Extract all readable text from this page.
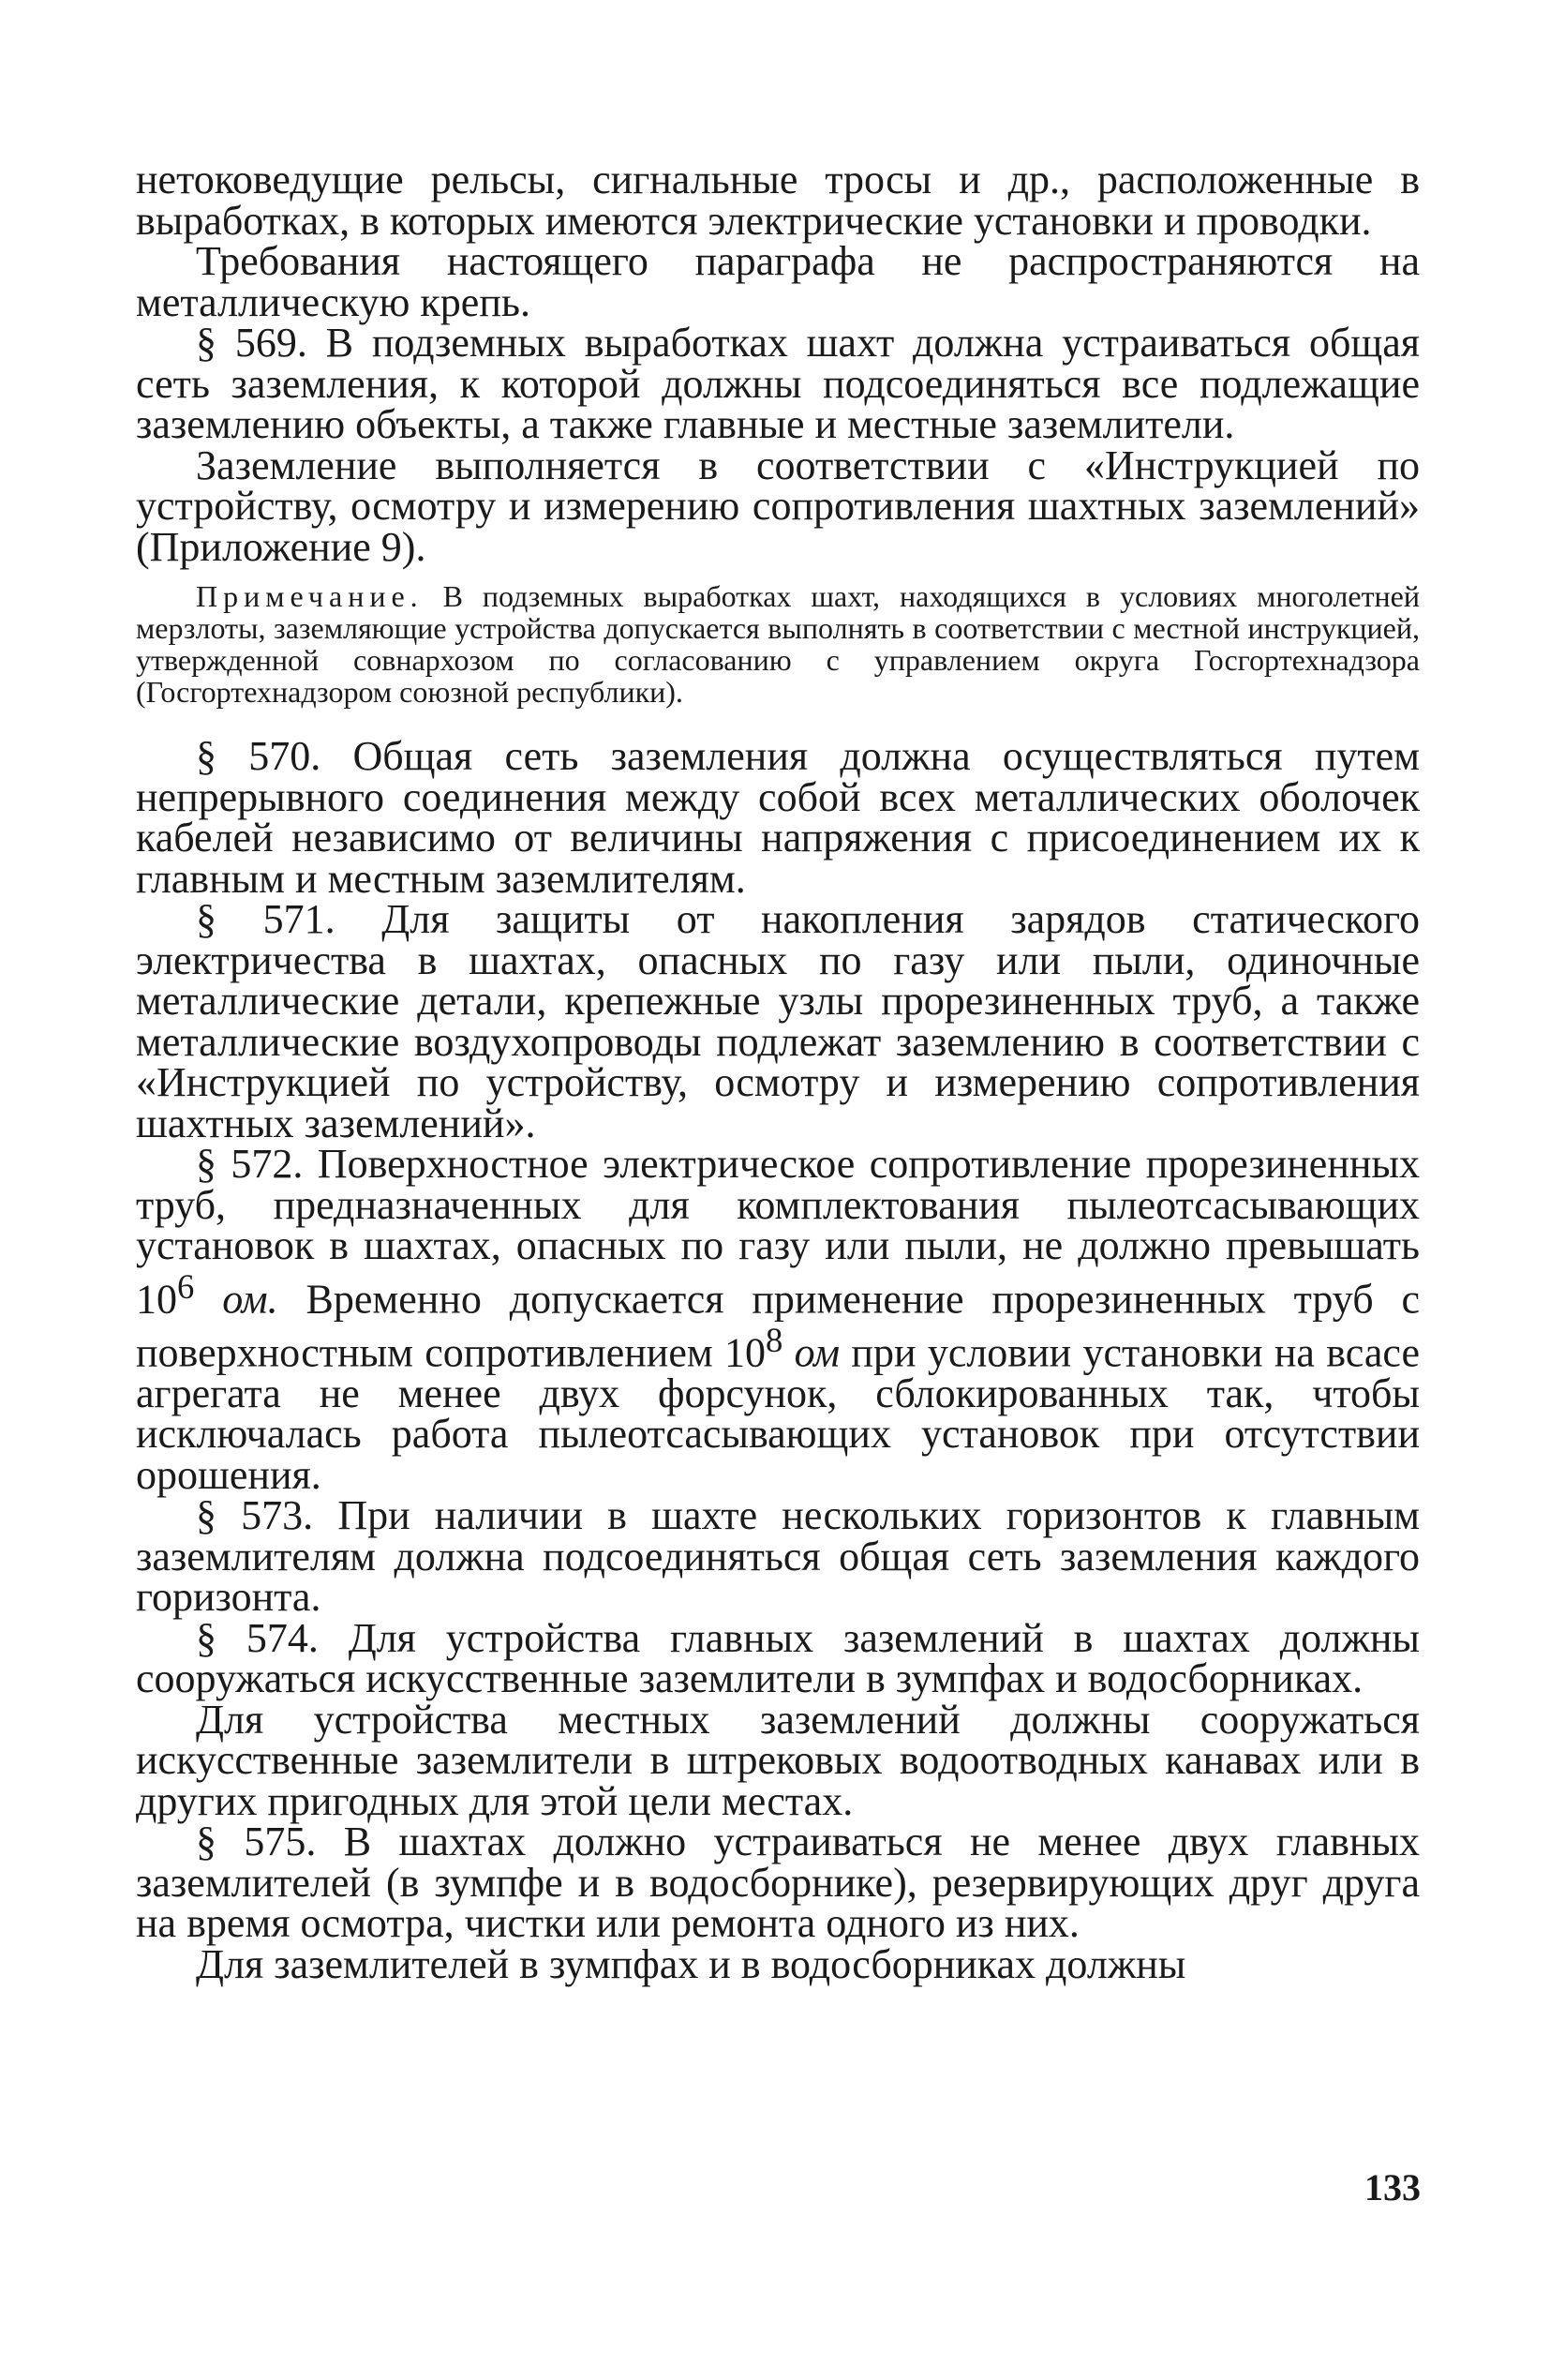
нетоковедущие рельсы, сигнальные тросы и др., расположенные в выработках, в которых имеются электрические установки и проводки.

Требования настоящего параграфа не распространяются на металлическую крепь.

§ 569. В подземных выработках шахт должна устраиваться общая сеть заземления, к которой должны подсоединяться все подлежащие заземлению объекты, а также главные и местные заземлители.

Заземление выполняется в соответствии с «Инструкцией по устройству, осмотру и измерению сопротивления шахтных заземлений» (Приложение 9).

Примечание. В подземных выработках шахт, находящихся в условиях многолетней мерзлоты, заземляющие устройства допускается выполнять в соответствии с местной инструкцией, утвержденной совнархозом по согласованию с управлением округа Госгортехнадзора (Госгортехнадзором союзной республики).

§ 570. Общая сеть заземления должна осуществляться путем непрерывного соединения между собой всех металлических оболочек кабелей независимо от величины напряжения с присоединением их к главным и местным заземлителям.

§ 571. Для защиты от накопления зарядов статического электричества в шахтах, опасных по газу или пыли, одиночные металлические детали, крепежные узлы прорезиненных труб, а также металлические воздухопроводы подлежат заземлению в соответствии с «Инструкцией по устройству, осмотру и измерению сопротивления шахтных заземлений».

§ 572. Поверхностное электрическое сопротивление прорезиненных труб, предназначенных для комплектования пылеотсасывающих установок в шахтах, опасных по газу или пыли, не должно превышать $10^6$ ом. Временно допускается применение прорезиненных труб с поверхностным сопротивлением $10^8$ ом при условии установки на всасе агрегата не менее двух форсунок, сблокированных так, чтобы исключалась работа пылеотсасывающих установок при отсутствии орошения.

§ 573. При наличии в шахте нескольких горизонтов к главным заземлителям должна подсоединяться общая сеть заземления каждого горизонта.

§ 574. Для устройства главных заземлений в шахтах должны сооружаться искусственные заземлители в зумпфах и водосборниках.

Для устройства местных заземлений должны сооружаться искусственные заземлители в штрековых водоотводных канавах или в других пригодных для этой цели местах.

§ 575. В шахтах должно устраиваться не менее двух главных заземлителей (в зумпфе и в водосборнике), резервирующих друг друга на время осмотра, чистки или ремонта одного из них.

Для заземлителей в зумпфах и в водосборниках должны

133
